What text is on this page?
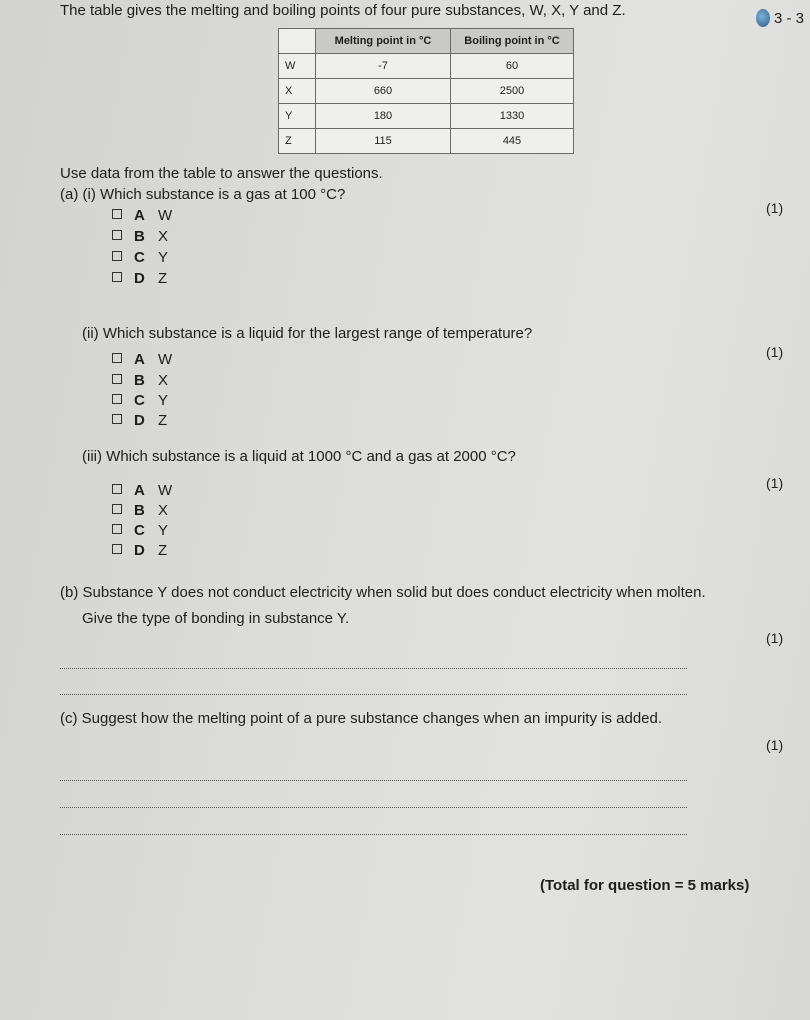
The table gives the melting and boiling points of four pure substances, W, X, Y and Z.	3 - 3
	Melting point in °C	Boiling point in °C
W	-7	60
X	660	2500
Y	180	1330
Z	115	445
Use data from the table to answer the questions.
(a) (i) Which substance is a gas at 100 °C?
(1)
A W
B X
C Y
D Z
(ii) Which substance is a liquid for the largest range of temperature?
(1)
A W
B X
C Y
D Z
(iii) Which substance is a liquid at 1000 °C and a gas at 2000 °C?
(1)
A W
B X
C Y
D Z
(b) Substance Y does not conduct electricity when solid but does conduct electricity when molten.
Give the type of bonding in substance Y.
(1)
(c) Suggest how the melting point of a pure substance changes when an impurity is added.
(1)
(Total for question = 5 marks)
